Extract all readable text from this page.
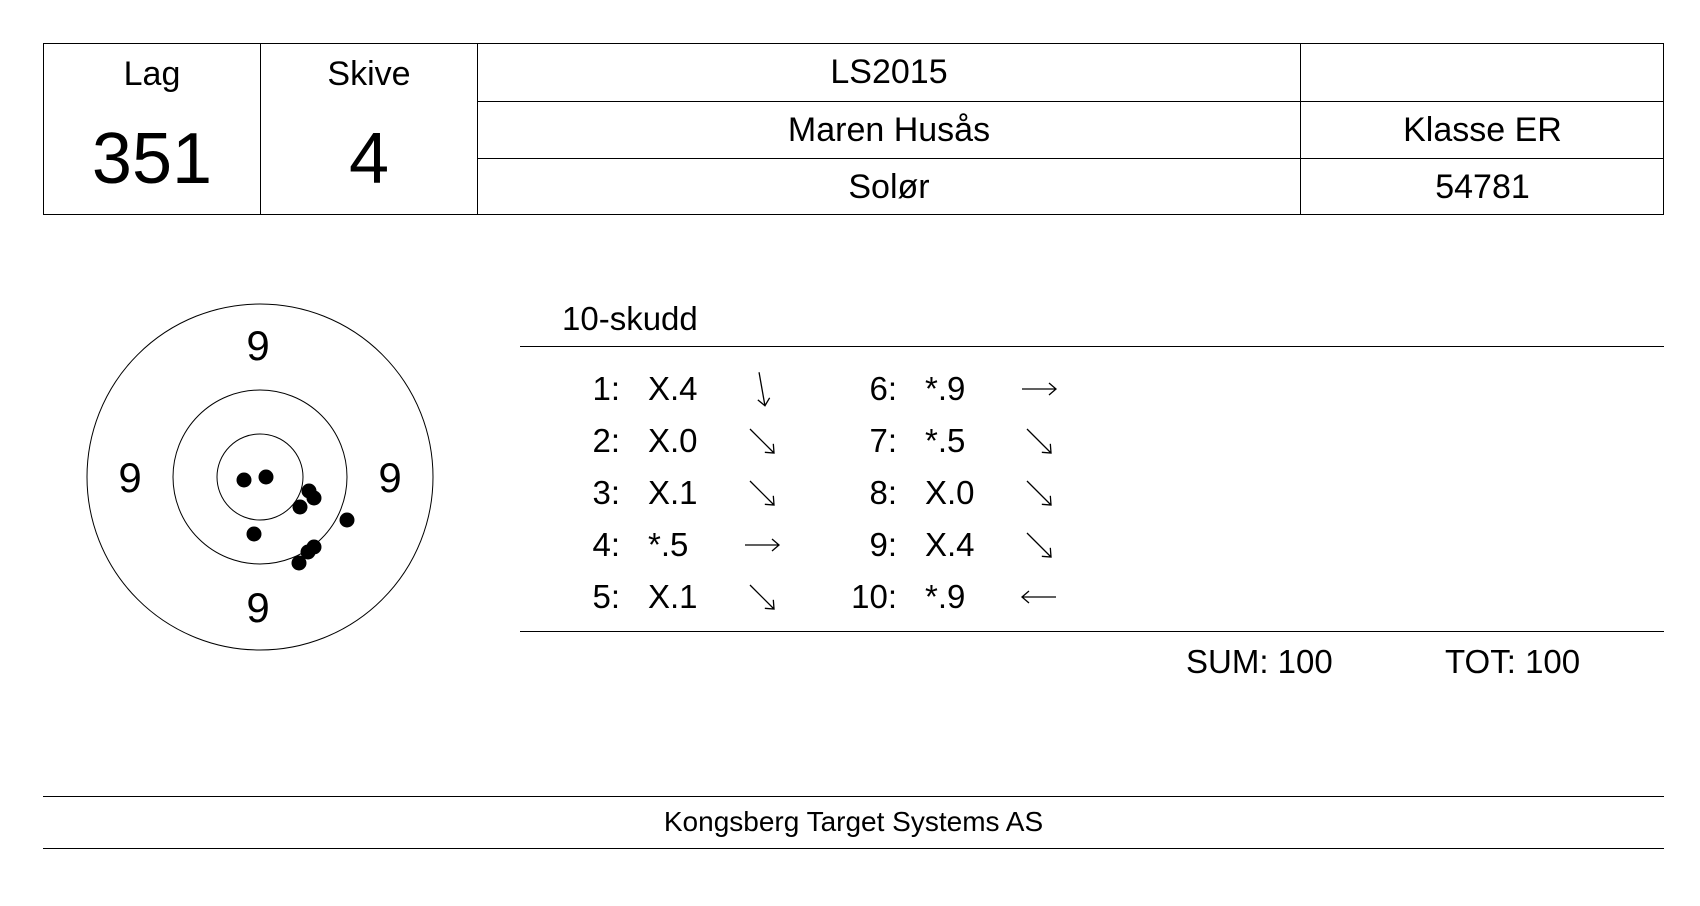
Lag
351
Skive
4
LS2015
Maren Husås	Klasse ER
Solør	54781
9
9	9
9
10-skudd
1: X.4
2: X.0
3: X.1
4: *.5
5: X.1
6: *.9
7: *.5
8: X.0
9: X.4
10: *.9
SUM: 100	TOT: 100
Kongsberg Target Systems AS
